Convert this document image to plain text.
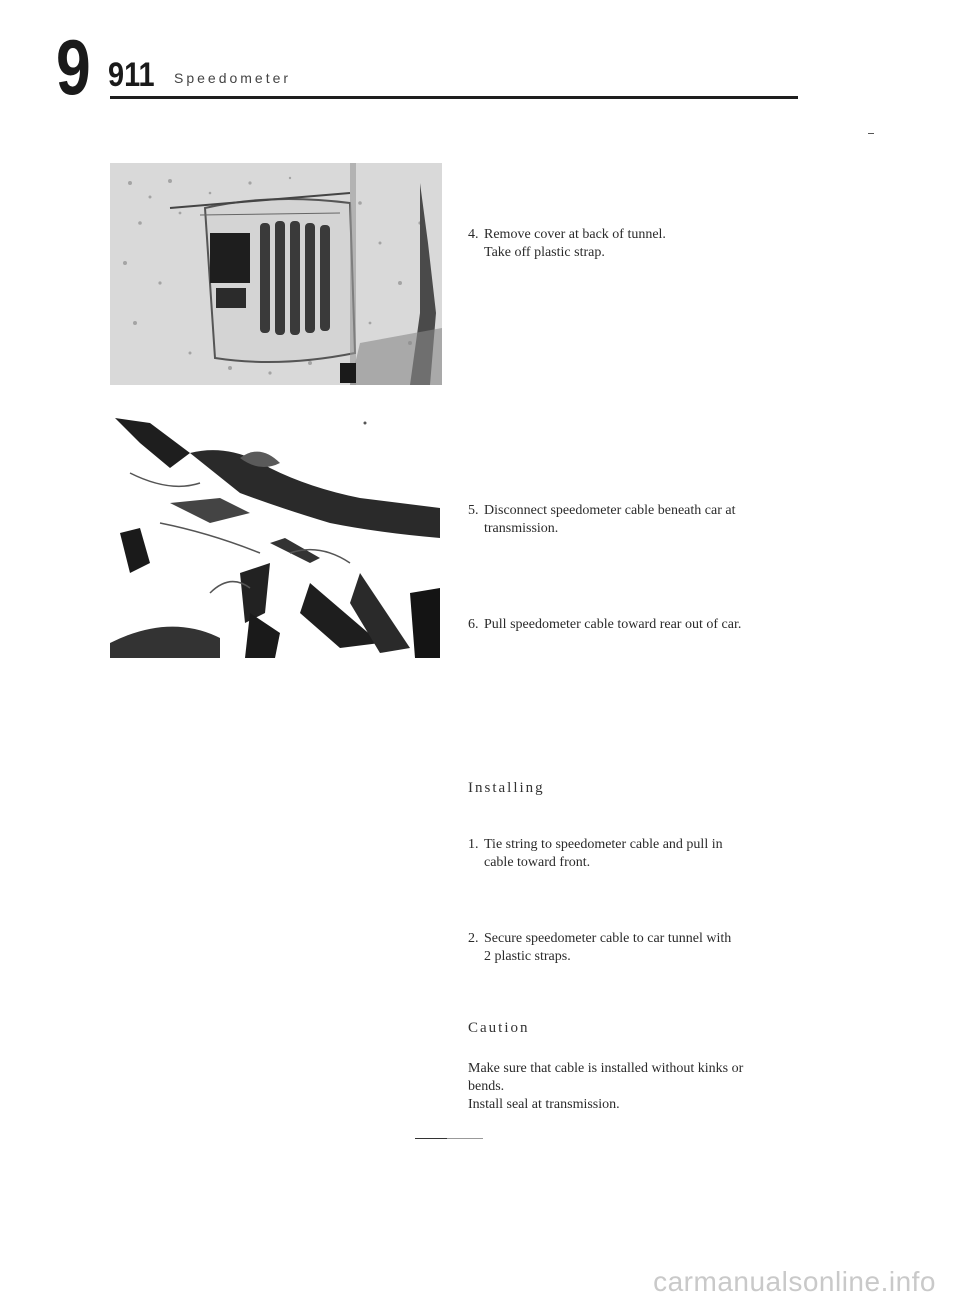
9 911 Speedometer
4. Remove cover at back of tunnel.
Take off plastic strap.
5. Disconnect speedometer cable beneath car at
transmission.
6. Pull speedometer cable toward rear out of car.
Installing
1. Tie string to speedometer cable and pull in
cable toward front.
2. Secure speedometer cable to car tunnel with
2 plastic straps.
Caution
Make sure that cable is installed without kinks or
bends.
Install seal at transmission.
carmanualsonline.info
